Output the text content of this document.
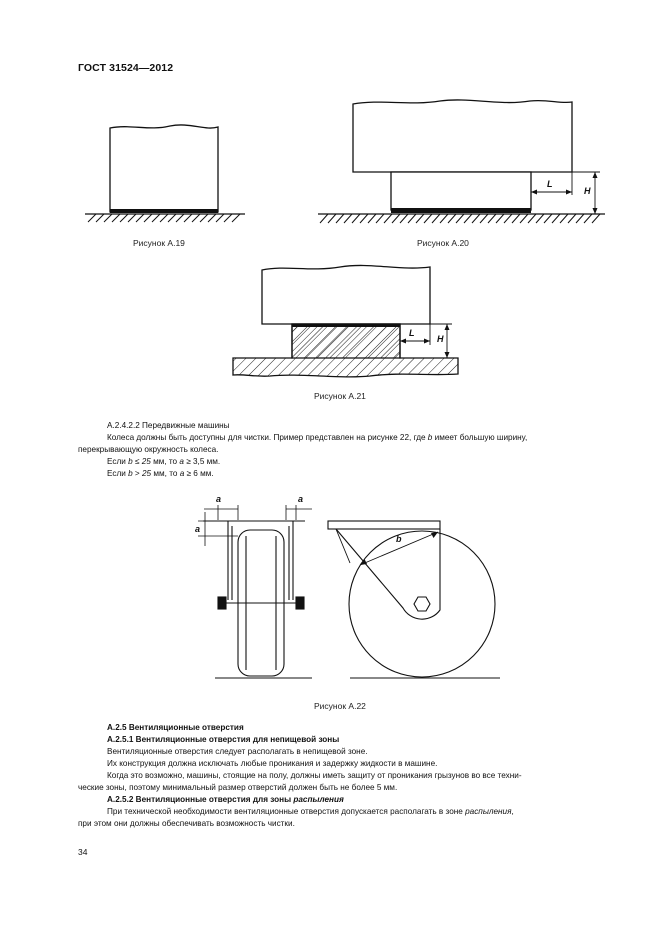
ГОСТ 31524—2012
L
H
L
H
a	a
a
b
Рисунок А.19	Рисунок А.20
Рисунок А.21
Рисунок А.22
А.2.4.2.2 Передвижные машины
Колеса должны быть доступны для чистки. Пример представлен на рисунке 22, где b имеет большую ширину,
перекрывающую окружность колеса.
Если b ≤ 25 мм, то a ≥ 3,5 мм.
Если b > 25 мм, то a ≥ 6 мм.
А.2.5 Вентиляционные отверстия
А.2.5.1 Вентиляционные отверстия для непищевой зоны
Вентиляционные отверстия следует располагать в непищевой зоне.
Их конструкция должна исключать любые проникания и задержку жидкости в машине.
Когда это возможно, машины, стоящие на полу, должны иметь защиту от проникания грызунов во все техни-
ческие зоны, поэтому минимальный размер отверстий должен быть не более 5 мм.
А.2.5.2 Вентиляционные отверстия для зоны распыления
При технической необходимости вентиляционные отверстия допускается располагать в зоне распыления,
при этом они должны обеспечивать возможность чистки.
34
